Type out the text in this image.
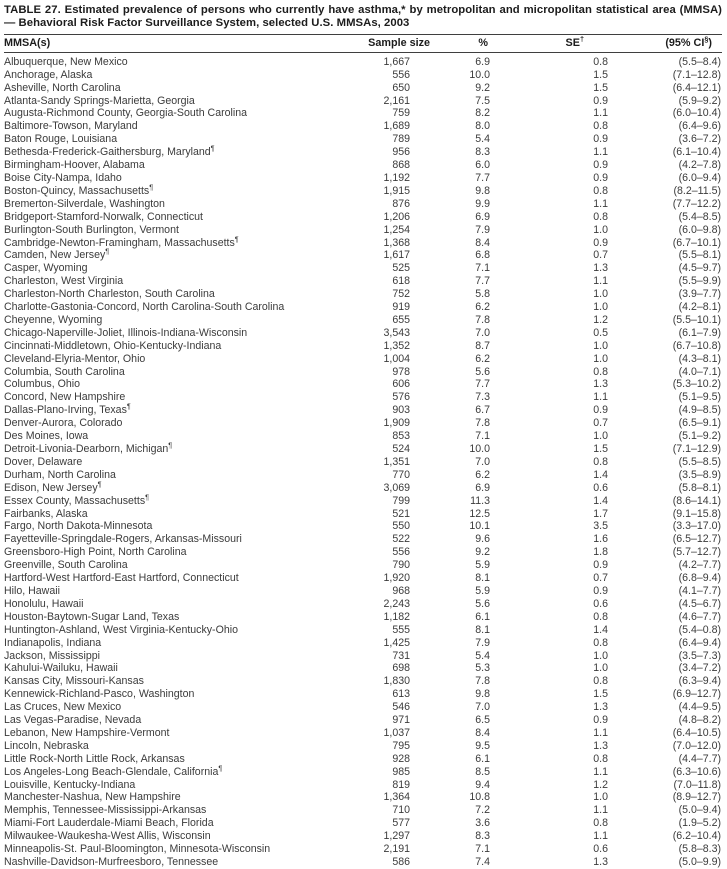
TABLE 27. Estimated prevalence of persons who currently have asthma,* by metropolitan and micropolitan statistical area (MMSA) — Behavioral Risk Factor Surveillance System, selected U.S. MMSAs, 2003
MMSA(s)	Sample size	%	SE†	(95% CI§)
Albuquerque, New Mexico	1,667	6.9	0.8	(5.5–8.4)
Anchorage, Alaska	556	10.0	1.5	(7.1–12.8)
Asheville, North Carolina	650	9.2	1.5	(6.4–12.1)
Atlanta-Sandy Springs-Marietta, Georgia	2,161	7.5	0.9	(5.9–9.2)
Augusta-Richmond County, Georgia-South Carolina	759	8.2	1.1	(6.0–10.4)
Baltimore-Towson, Maryland	1,689	8.0	0.8	(6.4–9.6)
Baton Rouge, Louisiana	789	5.4	0.9	(3.6–7.2)
Bethesda-Frederick-Gaithersburg, Maryland¶	956	8.3	1.1	(6.1–10.4)
Birmingham-Hoover, Alabama	868	6.0	0.9	(4.2–7.8)
Boise City-Nampa, Idaho	1,192	7.7	0.9	(6.0–9.4)
Boston-Quincy, Massachusetts¶	1,915	9.8	0.8	(8.2–11.5)
Bremerton-Silverdale, Washington	876	9.9	1.1	(7.7–12.2)
Bridgeport-Stamford-Norwalk, Connecticut	1,206	6.9	0.8	(5.4–8.5)
Burlington-South Burlington, Vermont	1,254	7.9	1.0	(6.0–9.8)
Cambridge-Newton-Framingham, Massachusetts¶	1,368	8.4	0.9	(6.7–10.1)
Camden, New Jersey¶	1,617	6.8	0.7	(5.5–8.1)
Casper, Wyoming	525	7.1	1.3	(4.5–9.7)
Charleston, West Virginia	618	7.7	1.1	(5.5–9.9)
Charleston-North Charleston, South Carolina	752	5.8	1.0	(3.9–7.7)
Charlotte-Gastonia-Concord, North Carolina-South Carolina	919	6.2	1.0	(4.2–8.1)
Cheyenne, Wyoming	655	7.8	1.2	(5.5–10.1)
Chicago-Naperville-Joliet, Illinois-Indiana-Wisconsin	3,543	7.0	0.5	(6.1–7.9)
Cincinnati-Middletown, Ohio-Kentucky-Indiana	1,352	8.7	1.0	(6.7–10.8)
Cleveland-Elyria-Mentor, Ohio	1,004	6.2	1.0	(4.3–8.1)
Columbia, South Carolina	978	5.6	0.8	(4.0–7.1)
Columbus, Ohio	606	7.7	1.3	(5.3–10.2)
Concord, New Hampshire	576	7.3	1.1	(5.1–9.5)
Dallas-Plano-Irving, Texas¶	903	6.7	0.9	(4.9–8.5)
Denver-Aurora, Colorado	1,909	7.8	0.7	(6.5–9.1)
Des Moines, Iowa	853	7.1	1.0	(5.1–9.2)
Detroit-Livonia-Dearborn, Michigan¶	524	10.0	1.5	(7.1–12.9)
Dover, Delaware	1,351	7.0	0.8	(5.5–8.5)
Durham, North Carolina	770	6.2	1.4	(3.5–8.9)
Edison, New Jersey¶	3,069	6.9	0.6	(5.8–8.1)
Essex County, Massachusetts¶	799	11.3	1.4	(8.6–14.1)
Fairbanks, Alaska	521	12.5	1.7	(9.1–15.8)
Fargo, North Dakota-Minnesota	550	10.1	3.5	(3.3–17.0)
Fayetteville-Springdale-Rogers, Arkansas-Missouri	522	9.6	1.6	(6.5–12.7)
Greensboro-High Point, North Carolina	556	9.2	1.8	(5.7–12.7)
Greenville, South Carolina	790	5.9	0.9	(4.2–7.7)
Hartford-West Hartford-East Hartford, Connecticut	1,920	8.1	0.7	(6.8–9.4)
Hilo, Hawaii	968	5.9	0.9	(4.1–7.7)
Honolulu, Hawaii	2,243	5.6	0.6	(4.5–6.7)
Houston-Baytown-Sugar Land, Texas	1,182	6.1	0.8	(4.6–7.7)
Huntington-Ashland, West Virginia-Kentucky-Ohio	555	8.1	1.4	(5.4–0.8)
Indianapolis, Indiana	1,425	7.9	0.8	(6.4–9.4)
Jackson, Mississippi	731	5.4	1.0	(3.5–7.3)
Kahului-Wailuku, Hawaii	698	5.3	1.0	(3.4–7.2)
Kansas City, Missouri-Kansas	1,830	7.8	0.8	(6.3–9.4)
Kennewick-Richland-Pasco, Washington	613	9.8	1.5	(6.9–12.7)
Las Cruces, New Mexico	546	7.0	1.3	(4.4–9.5)
Las Vegas-Paradise, Nevada	971	6.5	0.9	(4.8–8.2)
Lebanon, New Hampshire-Vermont	1,037	8.4	1.1	(6.4–10.5)
Lincoln, Nebraska	795	9.5	1.3	(7.0–12.0)
Little Rock-North Little Rock, Arkansas	928	6.1	0.8	(4.4–7.7)
Los Angeles-Long Beach-Glendale, California¶	985	8.5	1.1	(6.3–10.6)
Louisville, Kentucky-Indiana	819	9.4	1.2	(7.0–11.8)
Manchester-Nashua, New Hampshire	1,364	10.8	1.0	(8.9–12.7)
Memphis, Tennessee-Mississippi-Arkansas	710	7.2	1.1	(5.0–9.4)
Miami-Fort Lauderdale-Miami Beach, Florida	577	3.6	0.8	(1.9–5.2)
Milwaukee-Waukesha-West Allis, Wisconsin	1,297	8.3	1.1	(6.2–10.4)
Minneapolis-St. Paul-Bloomington, Minnesota-Wisconsin	2,191	7.1	0.6	(5.8–8.3)
Nashville-Davidson-Murfreesboro, Tennessee	586	7.4	1.3	(5.0–9.9)
